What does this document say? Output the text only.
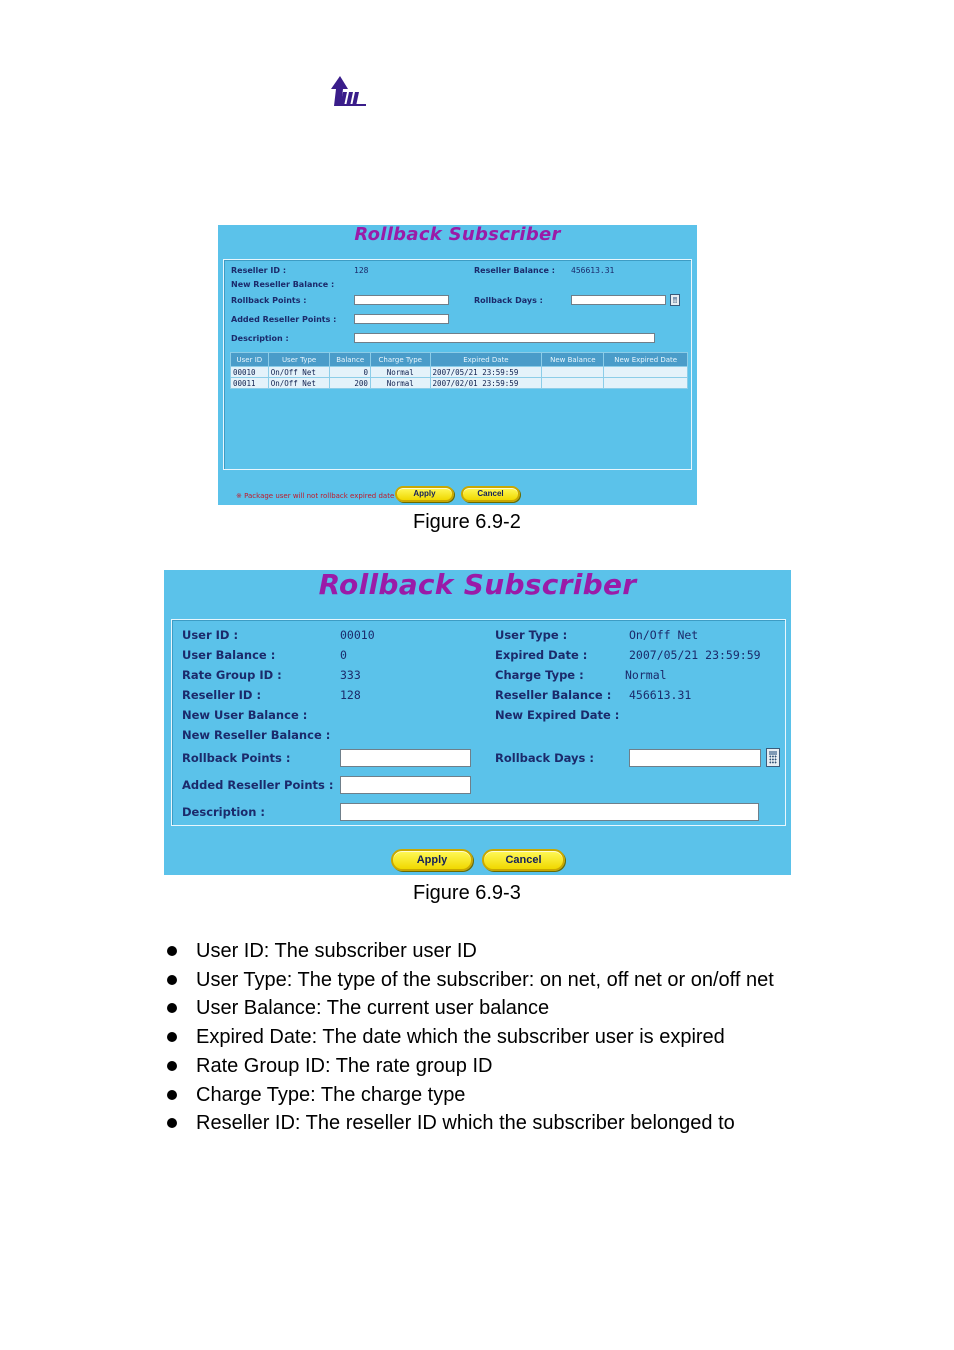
Rollback Subscriber
Reseller ID :	128	Reseller Balance : 456613.31
New Reseller Balance :
Rollback Points :	Rollback Days :
Added Reseller Points :
Description :
※ Package user will not rollback expired date
User ID	User Type	Balance	Charge Type	Expired Date	New Balance	New Expired Date
00010	On/Off Net	0	Normal	2007/05/21 23:59:59		
00011	On/Off Net	200	Normal	2007/02/01 23:59:59		
Apply	Cancel
Figure 6.9-2
Rollback Subscriber
User ID :	00010	User Type :	On/Off Net
User Balance :	0	Expired Date :	2007/05/21 23:59:59
Rate Group ID :	333	Charge Type :	Normal
Reseller ID :	128	Reseller Balance : 456613.31
New User Balance :	New Expired Date :
New Reseller Balance :
Rollback Points :	Rollback Days :
Added Reseller Points :
Description :
Apply	Cancel
Figure 6.9-3
User ID: The subscriber user ID
User Type: The type of the subscriber: on net, off net or on/off net
User Balance: The current user balance
Expired Date: The date which the subscriber user is expired
Rate Group ID: The rate group ID
Charge Type: The charge type
Reseller ID: The reseller ID which the subscriber belonged to
